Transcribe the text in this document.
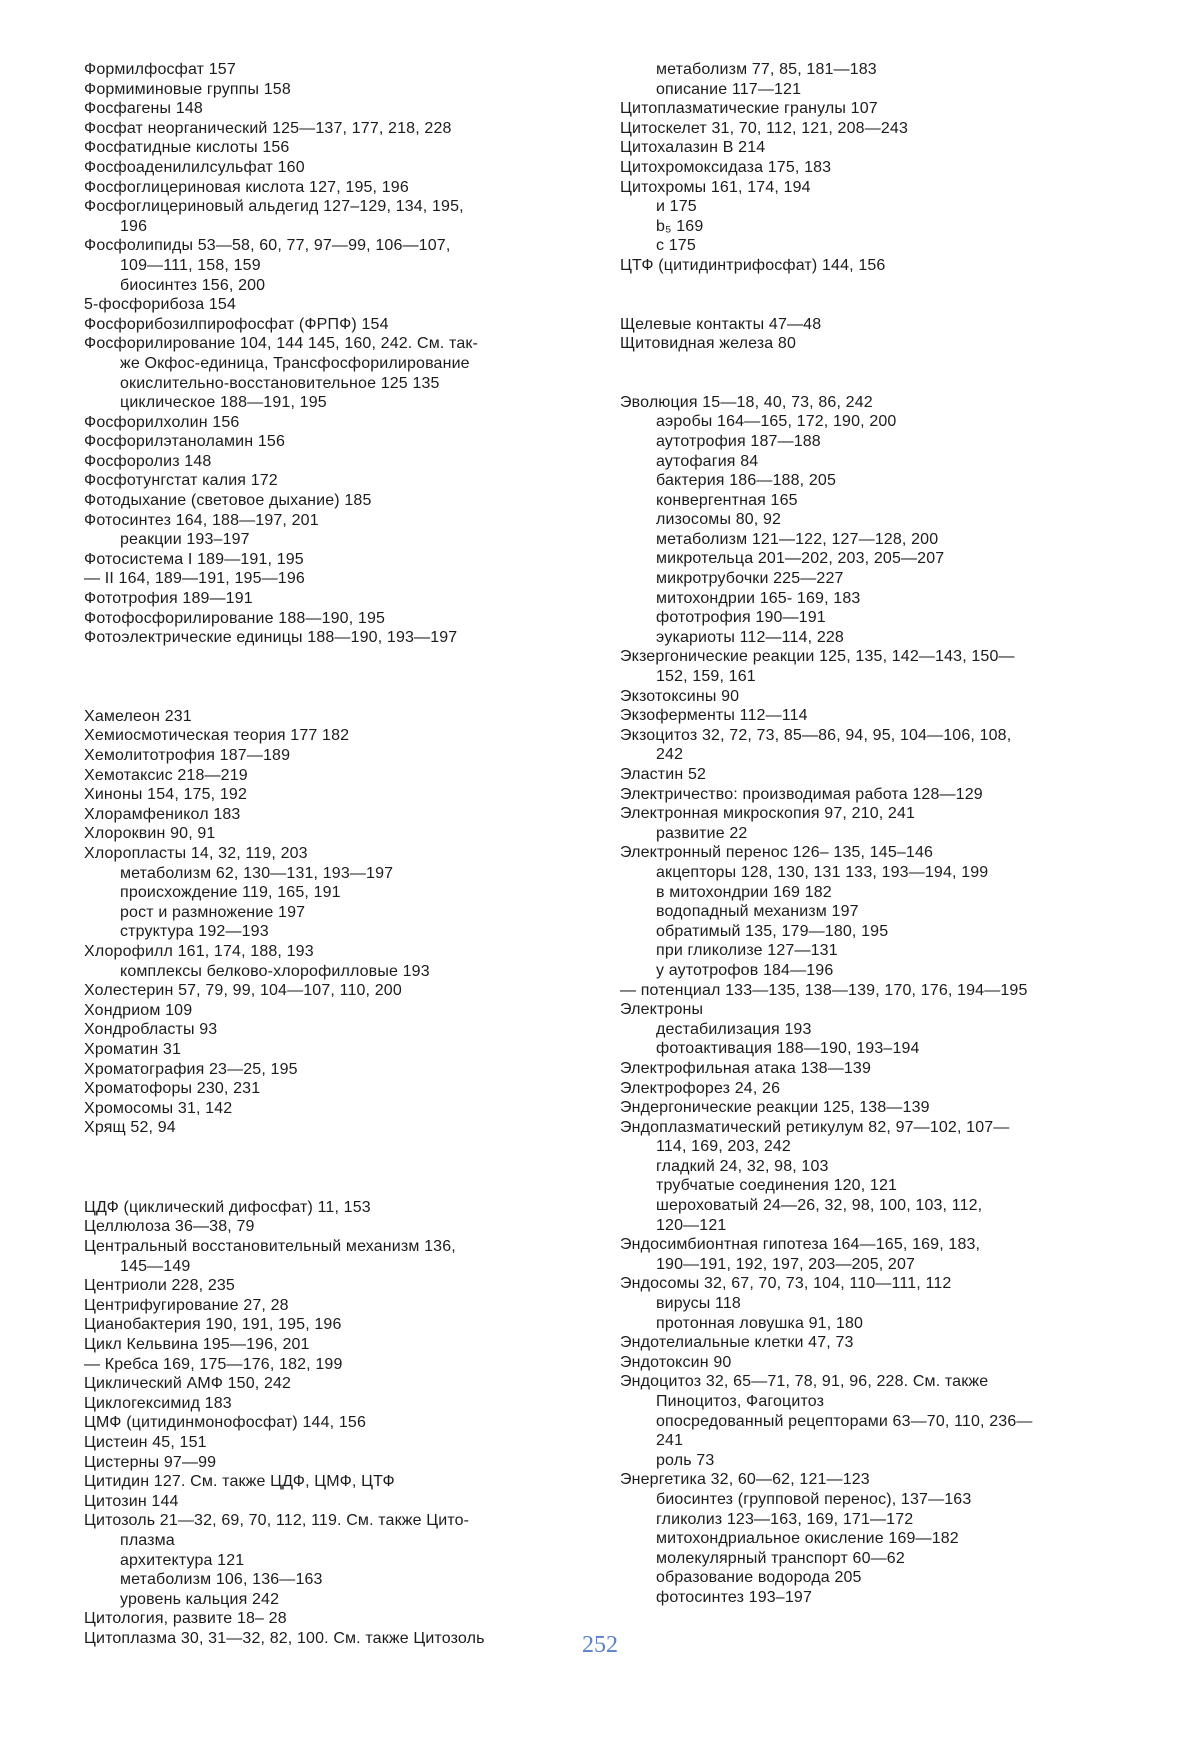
Формилфосфат 157
Формиминовые группы 158
Фосфагены 148
Фосфат неорганический 125—137, 177, 218, 228
Фосфатидные кислоты 156
Фосфоаденилилсульфат 160
Фосфоглицериновая кислота 127, 195, 196
Фосфоглицериновый альдегид 127–129, 134, 195,
196
Фосфолипиды 53—58, 60, 77, 97—99, 106—107,
109—111, 158, 159
биосинтез 156, 200
5-фосфорибоза 154
Фосфорибозилпирофосфат (ФРПФ) 154
Фосфорилирование 104, 144 145, 160, 242. См. так-
же Окфос-единица, Трансфосфорилирование
окислительно-восстановительное 125 135
циклическое 188—191, 195
Фосфорилхолин 156
Фосфорилэтаноламин 156
Фосфоролиз 148
Фосфотунгстат калия 172
Фотодыхание (световое дыхание) 185
Фотосинтез 164, 188—197, 201
реакции 193–197
Фотосистема I 189—191, 195
— II 164, 189—191, 195—196
Фототрофия 189—191
Фотофосфорилирование 188—190, 195
Фотоэлектрические единицы 188—190, 193—197
Хамелеон 231
Хемиосмотическая теория 177 182
Хемолитотрофия 187—189
Хемотаксис 218—219
Хиноны 154, 175, 192
Хлорамфеникол 183
Хлороквин 90, 91
Хлоропласты 14, 32, 119, 203
метаболизм 62, 130—131, 193—197
происхождение 119, 165, 191
рост и размножение 197
структура 192—193
Хлорофилл 161, 174, 188, 193
комплексы белково-хлорофилловые 193
Холестерин 57, 79, 99, 104—107, 110, 200
Хондриом 109
Хондробласты 93
Хроматин 31
Хроматография 23—25, 195
Хроматофоры 230, 231
Хромосомы 31, 142
Хрящ 52, 94
ЦДФ (циклический дифосфат) 11, 153
Целлюлоза 36—38, 79
Центральный восстановительный механизм 136,
145—149
Центриоли 228, 235
Центрифугирование 27, 28
Цианобактерия 190, 191, 195, 196
Цикл Кельвина 195—196, 201
— Кребса 169, 175—176, 182, 199
Циклический АМФ 150, 242
Циклогексимид 183
ЦМФ (цитидинмонофосфат) 144, 156
Цистеин 45, 151
Цистерны 97—99
Цитидин 127. См. также ЦДФ, ЦМФ, ЦТФ
Цитозин 144
Цитозоль 21—32, 69, 70, 112, 119. См. также Цито-
плазма
архитектура 121
метаболизм 106, 136—163
уровень кальция 242
Цитология, развите 18– 28
Цитоплазма 30, 31—32, 82, 100. См. также Цитозоль
метаболизм 77, 85, 181—183
описание 117—121
Цитоплазматические гранулы 107
Цитоскелет 31, 70, 112, 121, 208—243
Цитохалазин В 214
Цитохромоксидаза 175, 183
Цитохромы 161, 174, 194
и 175
b₅ 169
с 175
ЦТФ (цитидинтрифосфат) 144, 156
Щелевые контакты 47—48
Щитовидная железа 80
Эволюция 15—18, 40, 73, 86, 242
аэробы 164—165, 172, 190, 200
аутотрофия 187—188
аутофагия 84
бактерия 186—188, 205
конвергентная 165
лизосомы 80, 92
метаболизм 121—122, 127—128, 200
микротельца 201—202, 203, 205—207
микротрубочки 225—227
митохондрии 165- 169, 183
фототрофия 190—191
эукариоты 112—114, 228
Экзергонические реакции 125, 135, 142—143, 150—
152, 159, 161
Экзотоксины 90
Экзоферменты 112—114
Экзоцитоз 32, 72, 73, 85—86, 94, 95, 104—106, 108,
242
Эластин 52
Электричество: производимая работа 128—129
Электронная микроскопия 97, 210, 241
развитие 22
Электронный перенос 126– 135, 145–146
акцепторы 128, 130, 131 133, 193—194, 199
в митохондрии 169 182
водопадный механизм 197
обратимый 135, 179—180, 195
при гликолизе 127—131
у аутотрофов 184—196
— потенциал 133—135, 138—139, 170, 176, 194—195
Электроны
дестабилизация 193
фотоактивация 188—190, 193–194
Электрофильная атака 138—139
Электрофорез 24, 26
Эндергонические реакции 125, 138—139
Эндоплазматический ретикулум 82, 97—102, 107—
114, 169, 203, 242
гладкий 24, 32, 98, 103
трубчатые соединения 120, 121
шероховатый 24—26, 32, 98, 100, 103, 112,
120—121
Эндосимбионтная гипотеза 164—165, 169, 183,
190—191, 192, 197, 203—205, 207
Эндосомы 32, 67, 70, 73, 104, 110—111, 112
вирусы 118
протонная ловушка 91, 180
Эндотелиальные клетки 47, 73
Эндотоксин 90
Эндоцитоз 32, 65—71, 78, 91, 96, 228. См. также
Пиноцитоз, Фагоцитоз
опосредованный рецепторами 63—70, 110, 236—
241
роль 73
Энергетика 32, 60—62, 121—123
биосинтез (групповой перенос), 137—163
гликолиз 123—163, 169, 171—172
митохондриальное окисление 169—182
молекулярный транспорт 60—62
образование водорода 205
фотосинтез 193–197
252
